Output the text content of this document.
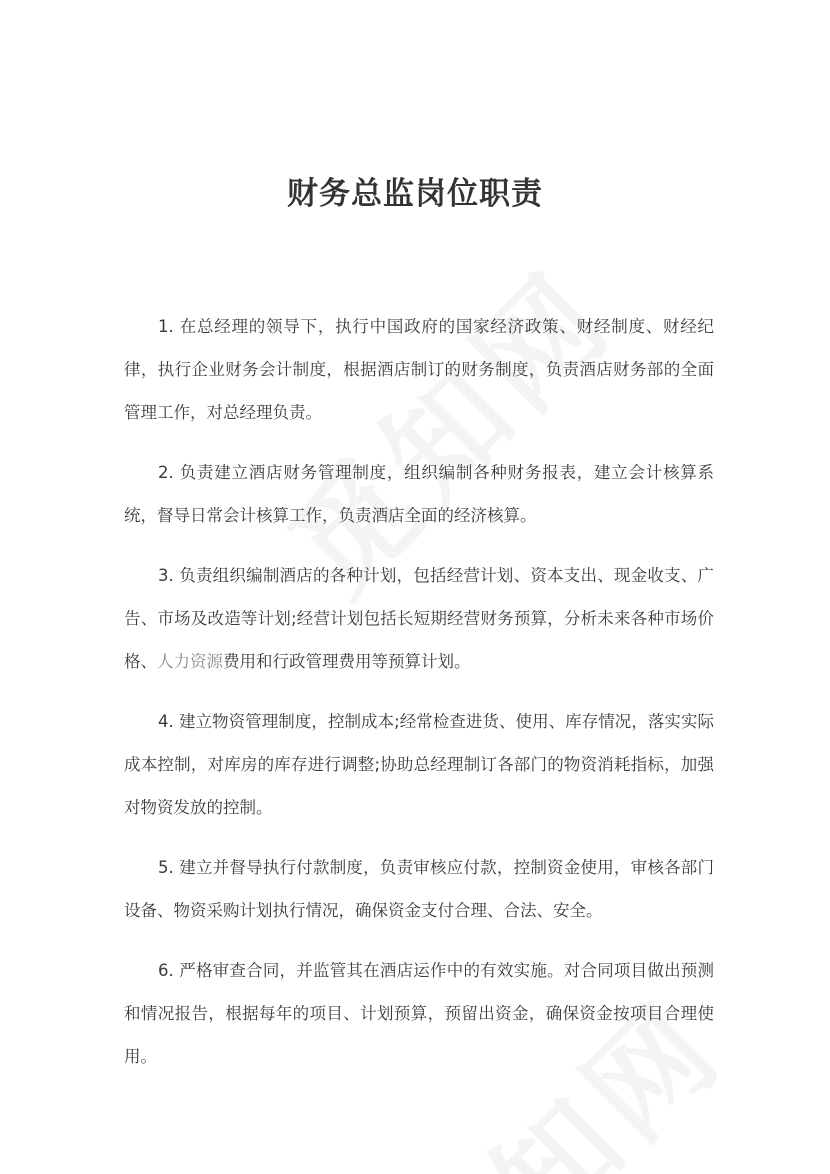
财务总监岗位职责

1. 在总经理的领导下，执行中国政府的国家经济政策、财经制度、财经纪律，执行企业财务会计制度，根据酒店制订的财务制度，负责酒店财务部的全面管理工作，对总经理负责。

2. 负责建立酒店财务管理制度，组织编制各种财务报表，建立会计核算系统，督导日常会计核算工作，负责酒店全面的经济核算。

3. 负责组织编制酒店的各种计划，包括经营计划、资本支出、现金收支、广告、市场及改造等计划;经营计划包括长短期经营财务预算，分析未来各种市场价格、人力资源费用和行政管理费用等预算计划。

4. 建立物资管理制度，控制成本;经常检查进货、使用、库存情况，落实实际成本控制，对库房的库存进行调整;协助总经理制订各部门的物资消耗指标，加强对物资发放的控制。

5. 建立并督导执行付款制度，负责审核应付款，控制资金使用，审核各部门设备、物资采购计划执行情况，确保资金支付合理、合法、安全。

6. 严格审查合同，并监管其在酒店运作中的有效实施。对合同项目做出预测和情况报告，根据每年的项目、计划预算，预留出资金，确保资金按项目合理使用。
